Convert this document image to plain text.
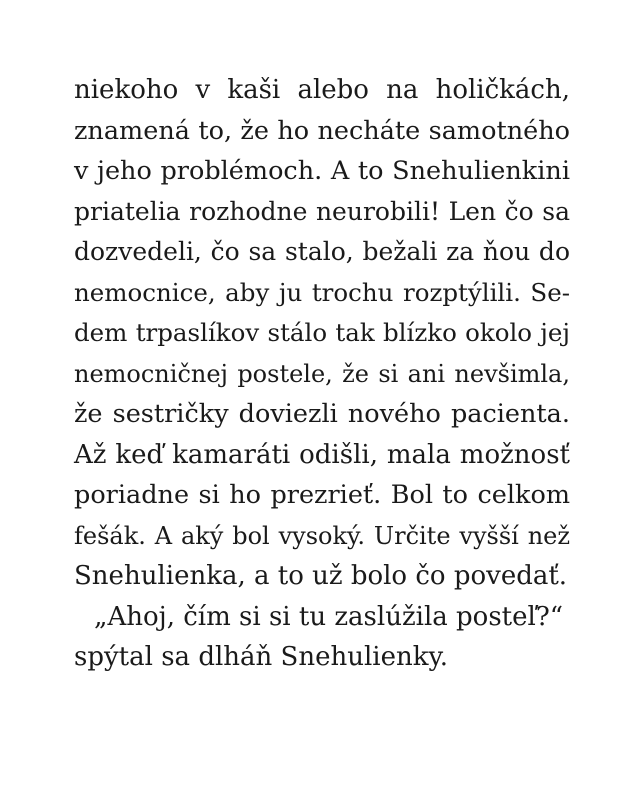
niekoho v kaši alebo na holičkách,
znamená to, že ho necháte samotného
v jeho problémoch. A to Snehulienkini
priatelia rozhodne neurobili! Len čo sa
dozvedeli, čo sa stalo, bežali za ňou do
nemocnice, aby ju trochu rozptýlili. Se-
dem trpaslíkov stálo tak blízko okolo jej
nemocničnej postele, že si ani nevšimla,
že sestričky doviezli nového pacienta.
Až keď kamaráti odišli, mala možnosť
poriadne si ho prezrieť. Bol to celkom
fešák. A aký bol vysoký. Určite vyšší než
Snehulienka, a to už bolo čo povedať.
„Ahoj, čím si si tu zaslúžila posteľ?“
spýtal sa dlháň Snehulienky.
